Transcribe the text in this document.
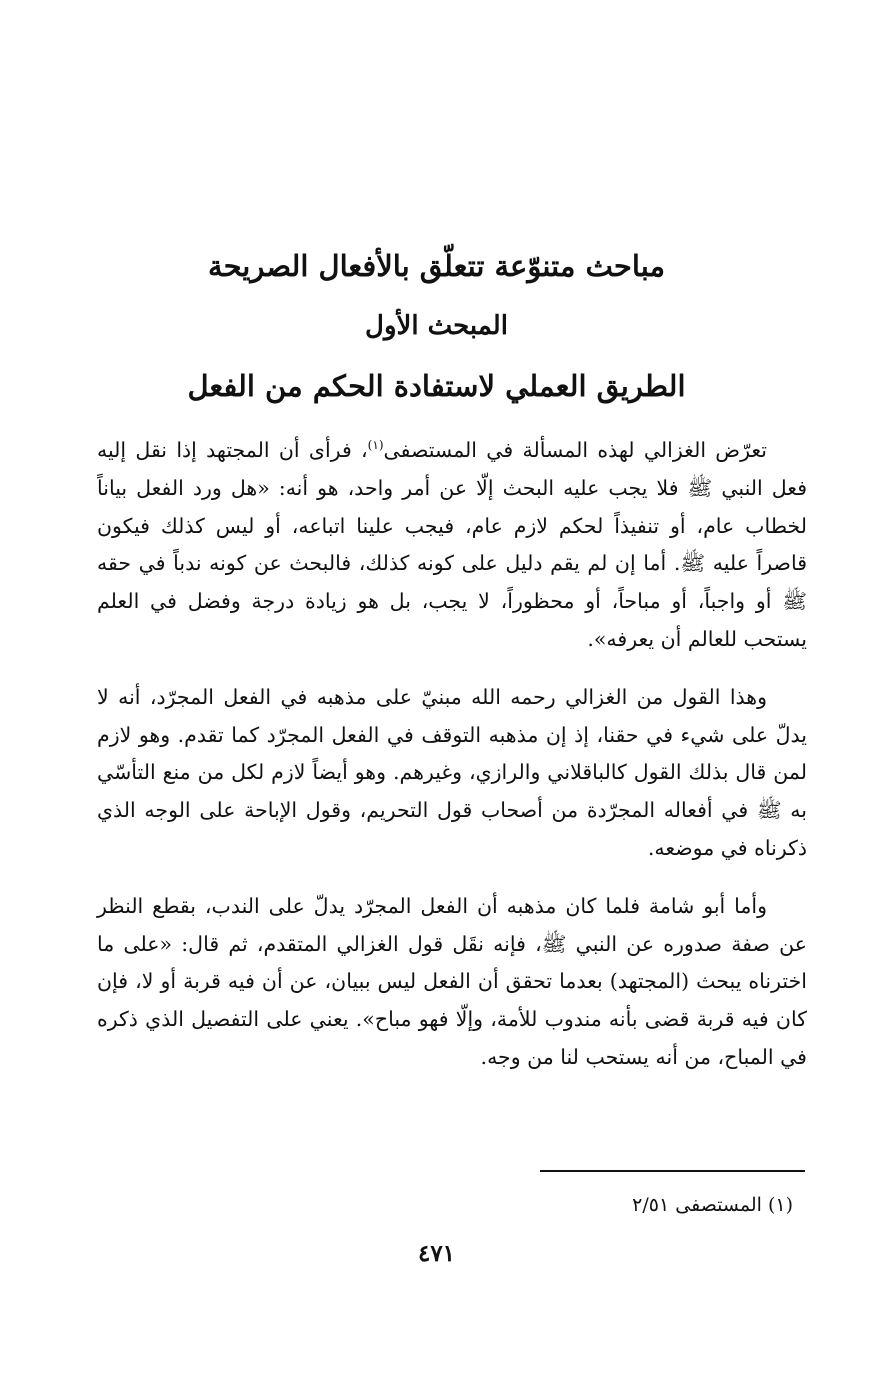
مباحث متنوّعة تتعلّق بالأفعال الصريحة
المبحث الأول
الطريق العملي لاستفادة الحكم من الفعل

تعرّض الغزالي لهذه المسألة في المستصفى$^{(١)}$، فرأى أن المجتهد إذا نقل إليه فعل النبي ﷺ فلا يجب عليه البحث إلّا عن أمر واحد، هو أنه: «هل ورد الفعل بياناً لخطاب عام، أو تنفيذاً لحكم لازم عام، فيجب علينا اتباعه، أو ليس كذلك فيكون قاصراً عليه ﷺ. أما إن لم يقم دليل على كونه كذلك، فالبحث عن كونه ندباً في حقه ﷺ أو واجباً، أو مباحاً، أو محظوراً، لا يجب، بل هو زيادة درجة وفضل في العلم يستحب للعالم أن يعرفه».

وهذا القول من الغزالي رحمه الله مبنيّ على مذهبه في الفعل المجرّد، أنه لا يدلّ على شيء في حقنا، إذ إن مذهبه التوقف في الفعل المجرّد كما تقدم. وهو لازم لمن قال بذلك القول كالباقلاني والرازي، وغيرهم. وهو أيضاً لازم لكل من منع التأسّي به ﷺ في أفعاله المجرّدة من أصحاب قول التحريم، وقول الإباحة على الوجه الذي ذكرناه في موضعه.

وأما أبو شامة فلما كان مذهبه أن الفعل المجرّد يدلّ على الندب، بقطع النظر عن صفة صدوره عن النبي ﷺ، فإنه نقَل قول الغزالي المتقدم، ثم قال: «على ما اخترناه يبحث (المجتهد) بعدما تحقق أن الفعل ليس ببيان، عن أن فيه قربة أو لا، فإن كان فيه قربة قضى بأنه مندوب للأمة، وإلّا فهو مباح». يعني على التفصيل الذي ذكره في المباح، من أنه يستحب لنا من وجه.

(١) المستصفى ٢/٥١
٤٧١
